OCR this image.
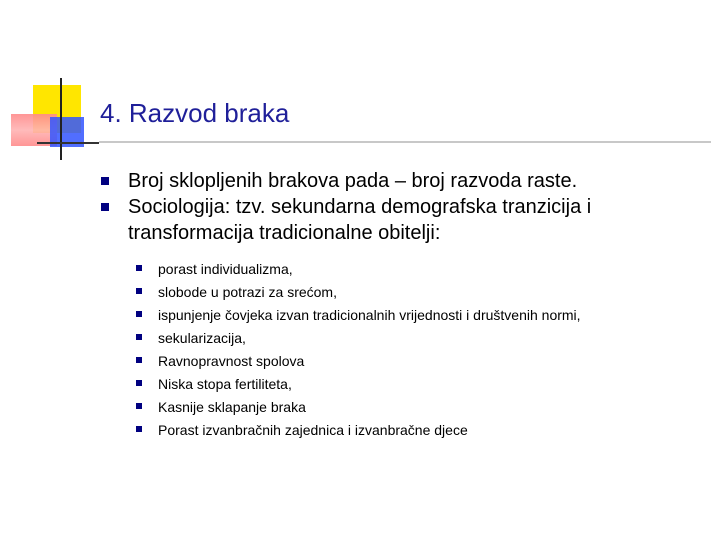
4. Razvod braka
Broj sklopljenih brakova pada – broj razvoda raste.
Sociologija: tzv. sekundarna demografska tranzicija i transformacija tradicionalne obitelji:
porast individualizma,
slobode u potrazi za srećom,
ispunjenje čovjeka izvan tradicionalnih vrijednosti i društvenih normi,
sekularizacija,
Ravnopravnost spolova
Niska stopa fertiliteta,
Kasnije sklapanje braka
Porast izvanbračnih zajednica i izvanbračne djece
